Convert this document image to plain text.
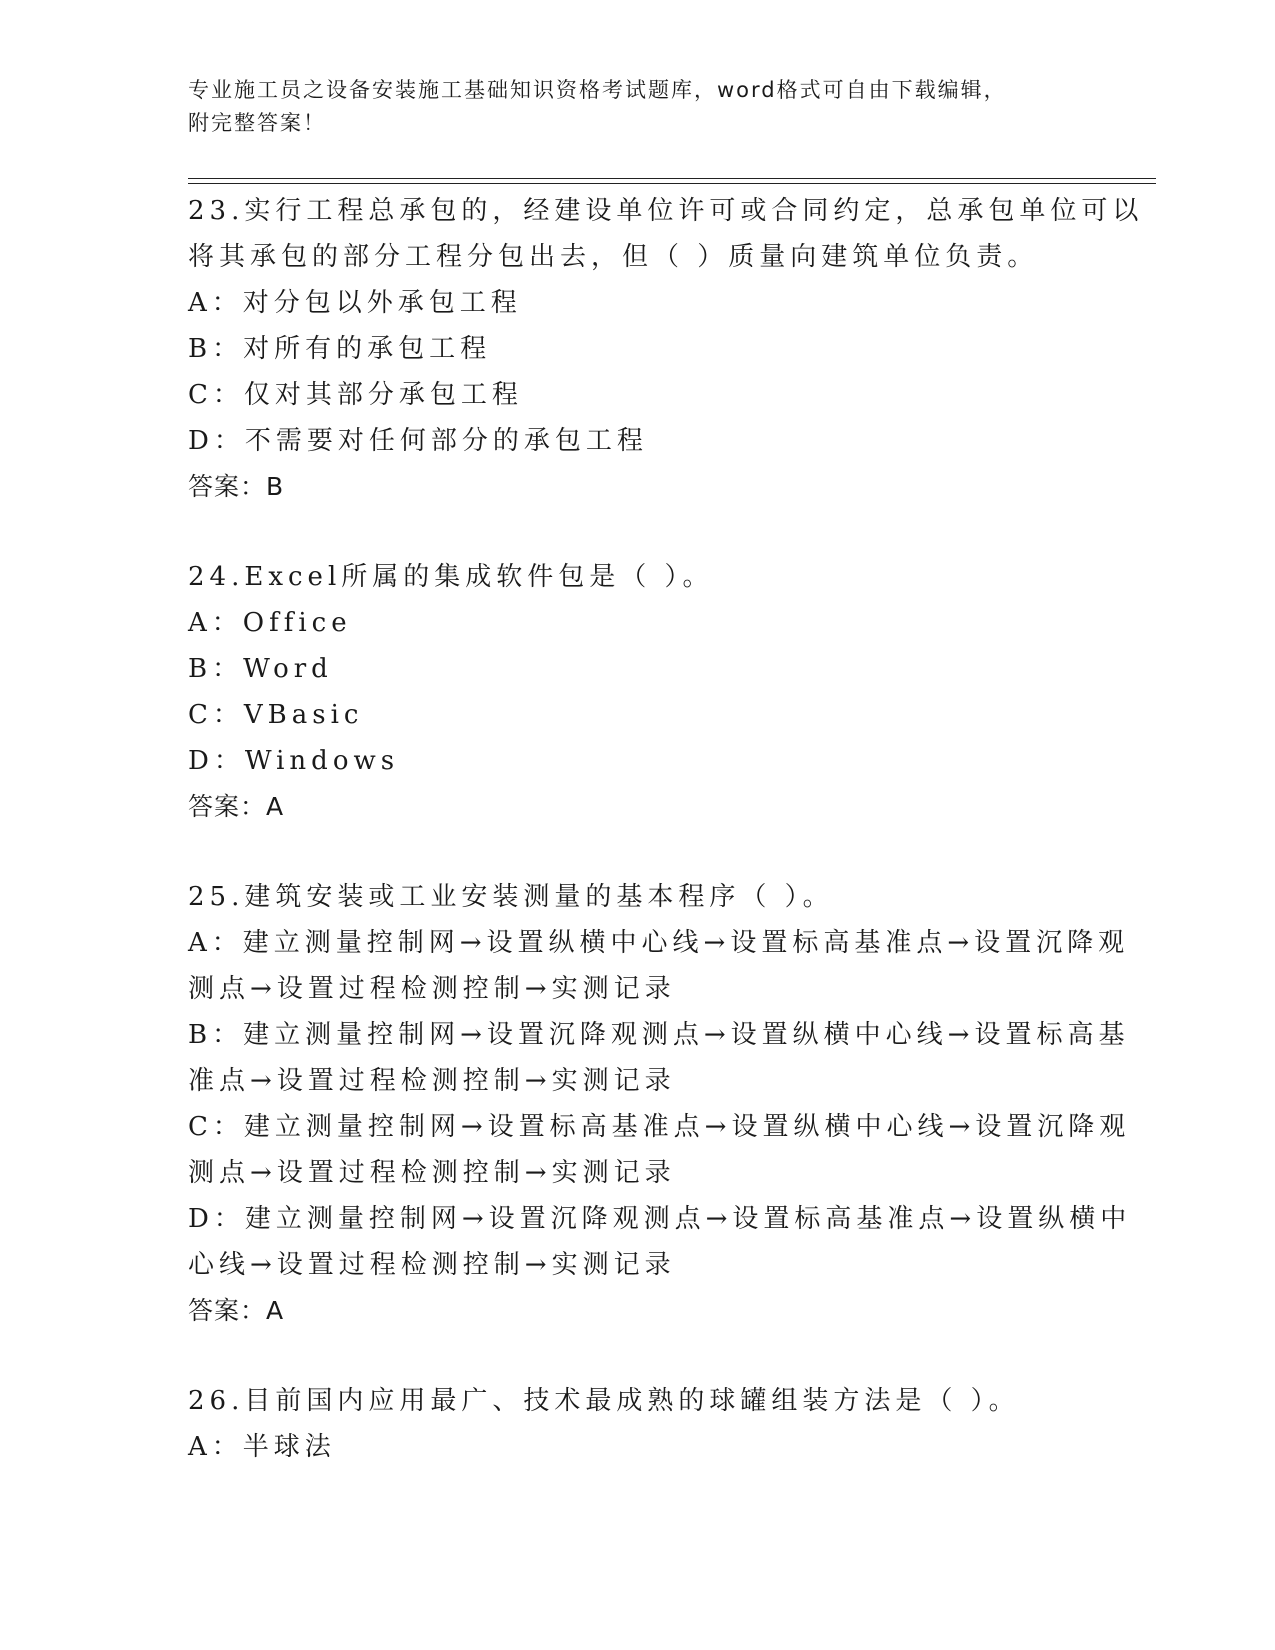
专业施工员之设备安装施工基础知识资格考试题库，word格式可自由下载编辑，
附完整答案！
23.实行工程总承包的，经建设单位许可或合同约定，总承包单位可以
将其承包的部分工程分包出去，但（ ）质量向建筑单位负责。
A：对分包以外承包工程
B：对所有的承包工程
C：仅对其部分承包工程
D：不需要对任何部分的承包工程
答案：B
24.Excel所属的集成软件包是（ ）。
A：Office
B：Word
C：VBasic
D：Windows
答案：A
25.建筑安装或工业安装测量的基本程序（ ）。
A：建立测量控制网→设置纵横中心线→设置标高基准点→设置沉降观
测点→设置过程检测控制→实测记录
B：建立测量控制网→设置沉降观测点→设置纵横中心线→设置标高基
准点→设置过程检测控制→实测记录
C：建立测量控制网→设置标高基准点→设置纵横中心线→设置沉降观
测点→设置过程检测控制→实测记录
D：建立测量控制网→设置沉降观测点→设置标高基准点→设置纵横中
心线→设置过程检测控制→实测记录
答案：A
26.目前国内应用最广、技术最成熟的球罐组装方法是（ ）。
A：半球法
